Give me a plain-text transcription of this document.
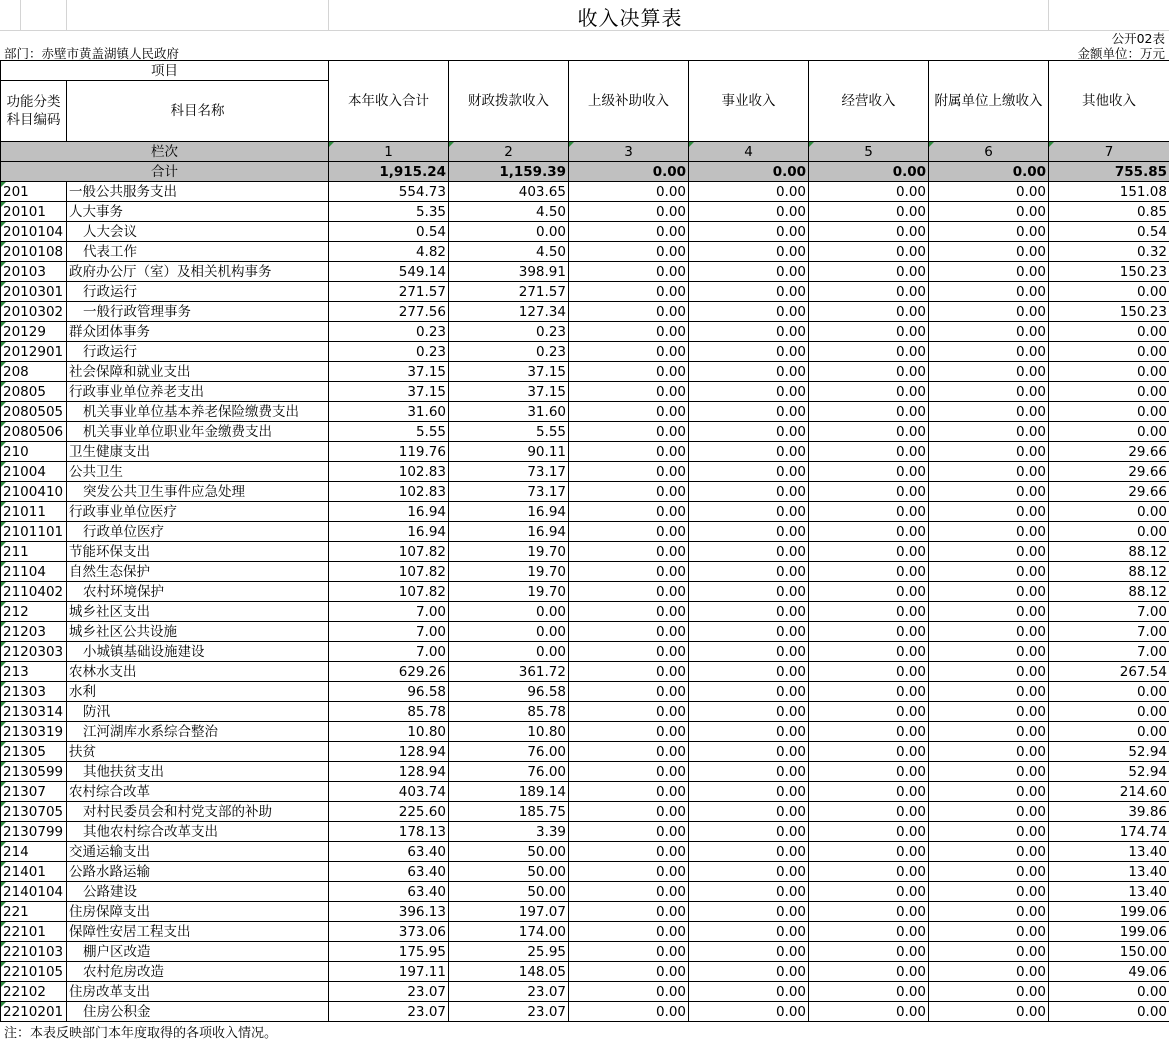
收入决算表
公开02表
部门：赤壁市黄盖湖镇人民政府	金额单位：万元
项目		本年收入合计	财政拨款收入	上级补助收入	事业收入	经营收入	附属单位上缴收入	其他收入
功能分类科目编码	科目名称							
栏次		1	2	3	4	5	6	7
合计		1,915.24	1,159.39	0.00	0.00	0.00	0.00	755.85
201	一般公共服务支出	554.73	403.65	0.00	0.00	0.00	0.00	151.08
20101	人大事务	5.35	4.50	0.00	0.00	0.00	0.00	0.85
2010104	人大会议	0.54	0.00	0.00	0.00	0.00	0.00	0.54
2010108	代表工作	4.82	4.50	0.00	0.00	0.00	0.00	0.32
20103	政府办公厅（室）及相关机构事务	549.14	398.91	0.00	0.00	0.00	0.00	150.23
2010301	行政运行	271.57	271.57	0.00	0.00	0.00	0.00	0.00
2010302	一般行政管理事务	277.56	127.34	0.00	0.00	0.00	0.00	150.23
20129	群众团体事务	0.23	0.23	0.00	0.00	0.00	0.00	0.00
2012901	行政运行	0.23	0.23	0.00	0.00	0.00	0.00	0.00
208	社会保障和就业支出	37.15	37.15	0.00	0.00	0.00	0.00	0.00
20805	行政事业单位养老支出	37.15	37.15	0.00	0.00	0.00	0.00	0.00
2080505	机关事业单位基本养老保险缴费支出	31.60	31.60	0.00	0.00	0.00	0.00	0.00
2080506	机关事业单位职业年金缴费支出	5.55	5.55	0.00	0.00	0.00	0.00	0.00
210	卫生健康支出	119.76	90.11	0.00	0.00	0.00	0.00	29.66
21004	公共卫生	102.83	73.17	0.00	0.00	0.00	0.00	29.66
2100410	突发公共卫生事件应急处理	102.83	73.17	0.00	0.00	0.00	0.00	29.66
21011	行政事业单位医疗	16.94	16.94	0.00	0.00	0.00	0.00	0.00
2101101	行政单位医疗	16.94	16.94	0.00	0.00	0.00	0.00	0.00
211	节能环保支出	107.82	19.70	0.00	0.00	0.00	0.00	88.12
21104	自然生态保护	107.82	19.70	0.00	0.00	0.00	0.00	88.12
2110402	农村环境保护	107.82	19.70	0.00	0.00	0.00	0.00	88.12
212	城乡社区支出	7.00	0.00	0.00	0.00	0.00	0.00	7.00
21203	城乡社区公共设施	7.00	0.00	0.00	0.00	0.00	0.00	7.00
2120303	小城镇基础设施建设	7.00	0.00	0.00	0.00	0.00	0.00	7.00
213	农林水支出	629.26	361.72	0.00	0.00	0.00	0.00	267.54
21303	水利	96.58	96.58	0.00	0.00	0.00	0.00	0.00
2130314	防汛	85.78	85.78	0.00	0.00	0.00	0.00	0.00
2130319	江河湖库水系综合整治	10.80	10.80	0.00	0.00	0.00	0.00	0.00
21305	扶贫	128.94	76.00	0.00	0.00	0.00	0.00	52.94
2130599	其他扶贫支出	128.94	76.00	0.00	0.00	0.00	0.00	52.94
21307	农村综合改革	403.74	189.14	0.00	0.00	0.00	0.00	214.60
2130705	对村民委员会和村党支部的补助	225.60	185.75	0.00	0.00	0.00	0.00	39.86
2130799	其他农村综合改革支出	178.13	3.39	0.00	0.00	0.00	0.00	174.74
214	交通运输支出	63.40	50.00	0.00	0.00	0.00	0.00	13.40
21401	公路水路运输	63.40	50.00	0.00	0.00	0.00	0.00	13.40
2140104	公路建设	63.40	50.00	0.00	0.00	0.00	0.00	13.40
221	住房保障支出	396.13	197.07	0.00	0.00	0.00	0.00	199.06
22101	保障性安居工程支出	373.06	174.00	0.00	0.00	0.00	0.00	199.06
2210103	棚户区改造	175.95	25.95	0.00	0.00	0.00	0.00	150.00
2210105	农村危房改造	197.11	148.05	0.00	0.00	0.00	0.00	49.06
22102	住房改革支出	23.07	23.07	0.00	0.00	0.00	0.00	0.00
2210201	住房公积金	23.07	23.07	0.00	0.00	0.00	0.00	0.00
注：本表反映部门本年度取得的各项收入情况。
